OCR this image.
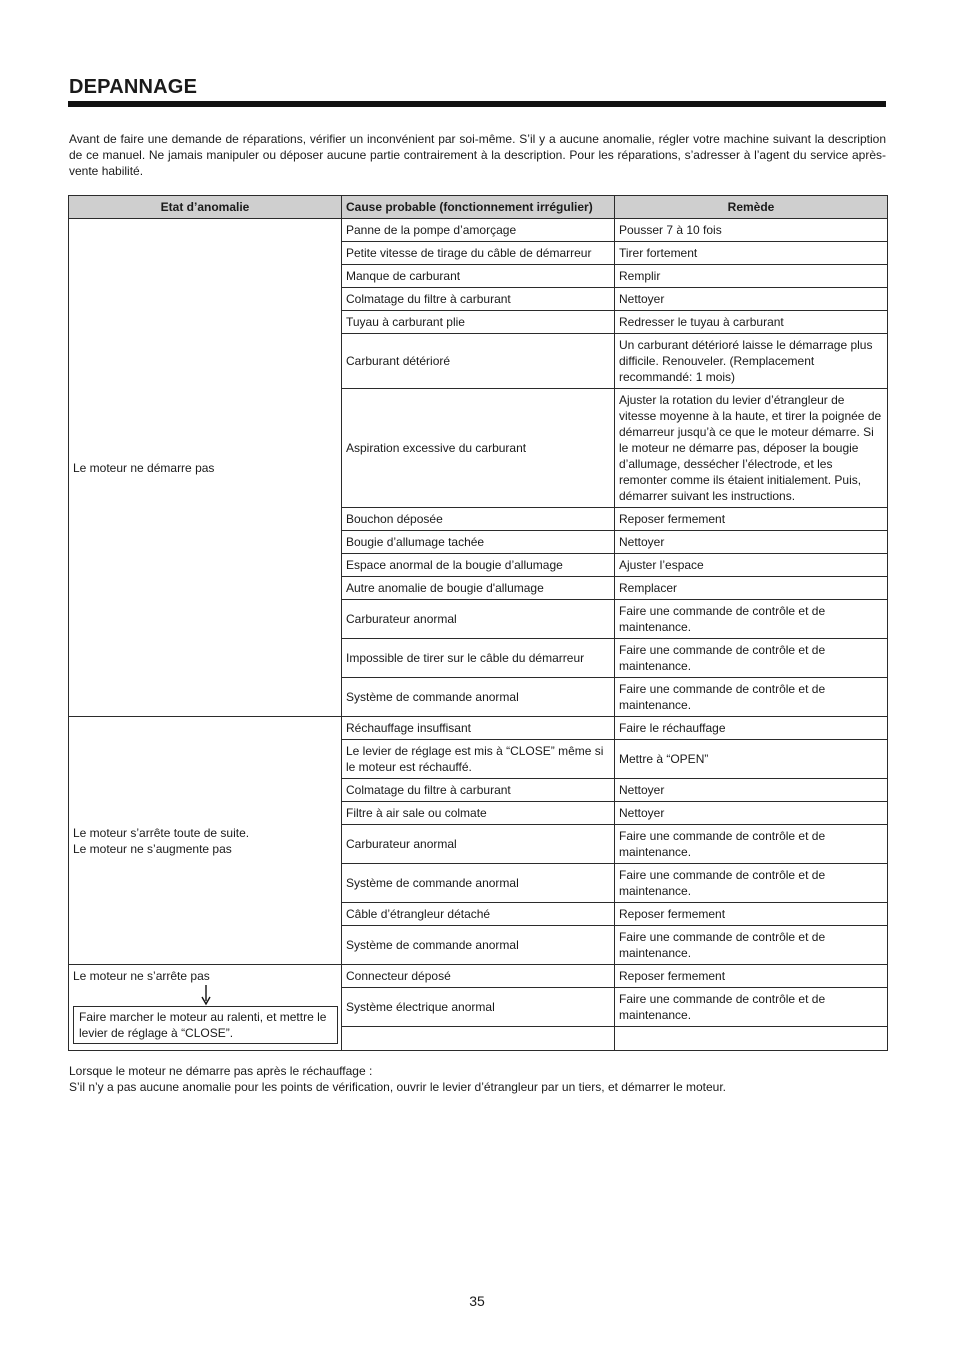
DEPANNAGE

Avant de faire une demande de réparations, vérifier un inconvénient par soi-même. S’il y a aucune anomalie, régler votre machine suivant la description de ce manuel. Ne jamais manipuler ou déposer aucune partie contrairement à la description. Pour les réparations, s’adresser à l’agent du service après-vente habilité.

Etat d’anomalie	Cause probable (fonctionnement irrégulier)	Remède
Le moteur ne démarre pas	Panne de la pompe d’amorçage	Pousser 7 à 10 fois
	Petite vitesse de tirage du câble de démarreur	Tirer fortement
	Manque de carburant	Remplir
	Colmatage du filtre à carburant	Nettoyer
	Tuyau à carburant plie	Redresser le tuyau à carburant
	Carburant détérioré	Un carburant détérioré laisse le démarrage plus difficile. Renouveler. (Remplacement recommandé: 1 mois)
	Aspiration excessive du carburant	Ajuster la rotation du levier d’étrangleur de vitesse moyenne à la haute, et tirer la poignée de démarreur jusqu’à ce que le moteur démarre. Si le moteur ne démarre pas, déposer la bougie d’allumage, dessécher l’électrode, et les remonter comme ils étaient initialement. Puis, démarrer suivant les instructions.
	Bouchon déposée	Reposer fermement
	Bougie d’allumage tachée	Nettoyer
	Espace anormal de la bougie d’allumage	Ajuster l’espace
	Autre anomalie de bougie d'allumage	Remplacer
	Carburateur anormal	Faire une commande de contrôle et de maintenance.
	Impossible de tirer sur le câble du démarreur	Faire une commande de contrôle et de maintenance.
	Système de commande anormal	Faire une commande de contrôle et de maintenance.

Le moteur s’arrête toute de suite.
Le moteur ne s’augmente pas	Réchauffage insuffisant	Faire le réchauffage
	Le levier de réglage est mis à “CLOSE” même si le moteur est réchauffé.	Mettre à “OPEN”
	Colmatage du filtre à carburant	Nettoyer
	Filtre à air sale ou colmate	Nettoyer
	Carburateur anormal	Faire une commande de contrôle et de maintenance.
	Système de commande anormal	Faire une commande de contrôle et de maintenance.
	Câble d’étrangleur détaché	Reposer fermement
	Système de commande anormal	Faire une commande de contrôle et de maintenance.

Le moteur ne s’arrête pas
Faire marcher le moteur au ralenti, et mettre le levier de réglage à “CLOSE”.	Connecteur déposé	Reposer fermement
	Système électrique anormal	Faire une commande de contrôle et de maintenance.

Lorsque le moteur ne démarre pas après le réchauffage :
S’il n’y a pas aucune anomalie pour les points de vérification, ouvrir le levier d’étrangleur par un tiers, et démarrer le moteur.
35
